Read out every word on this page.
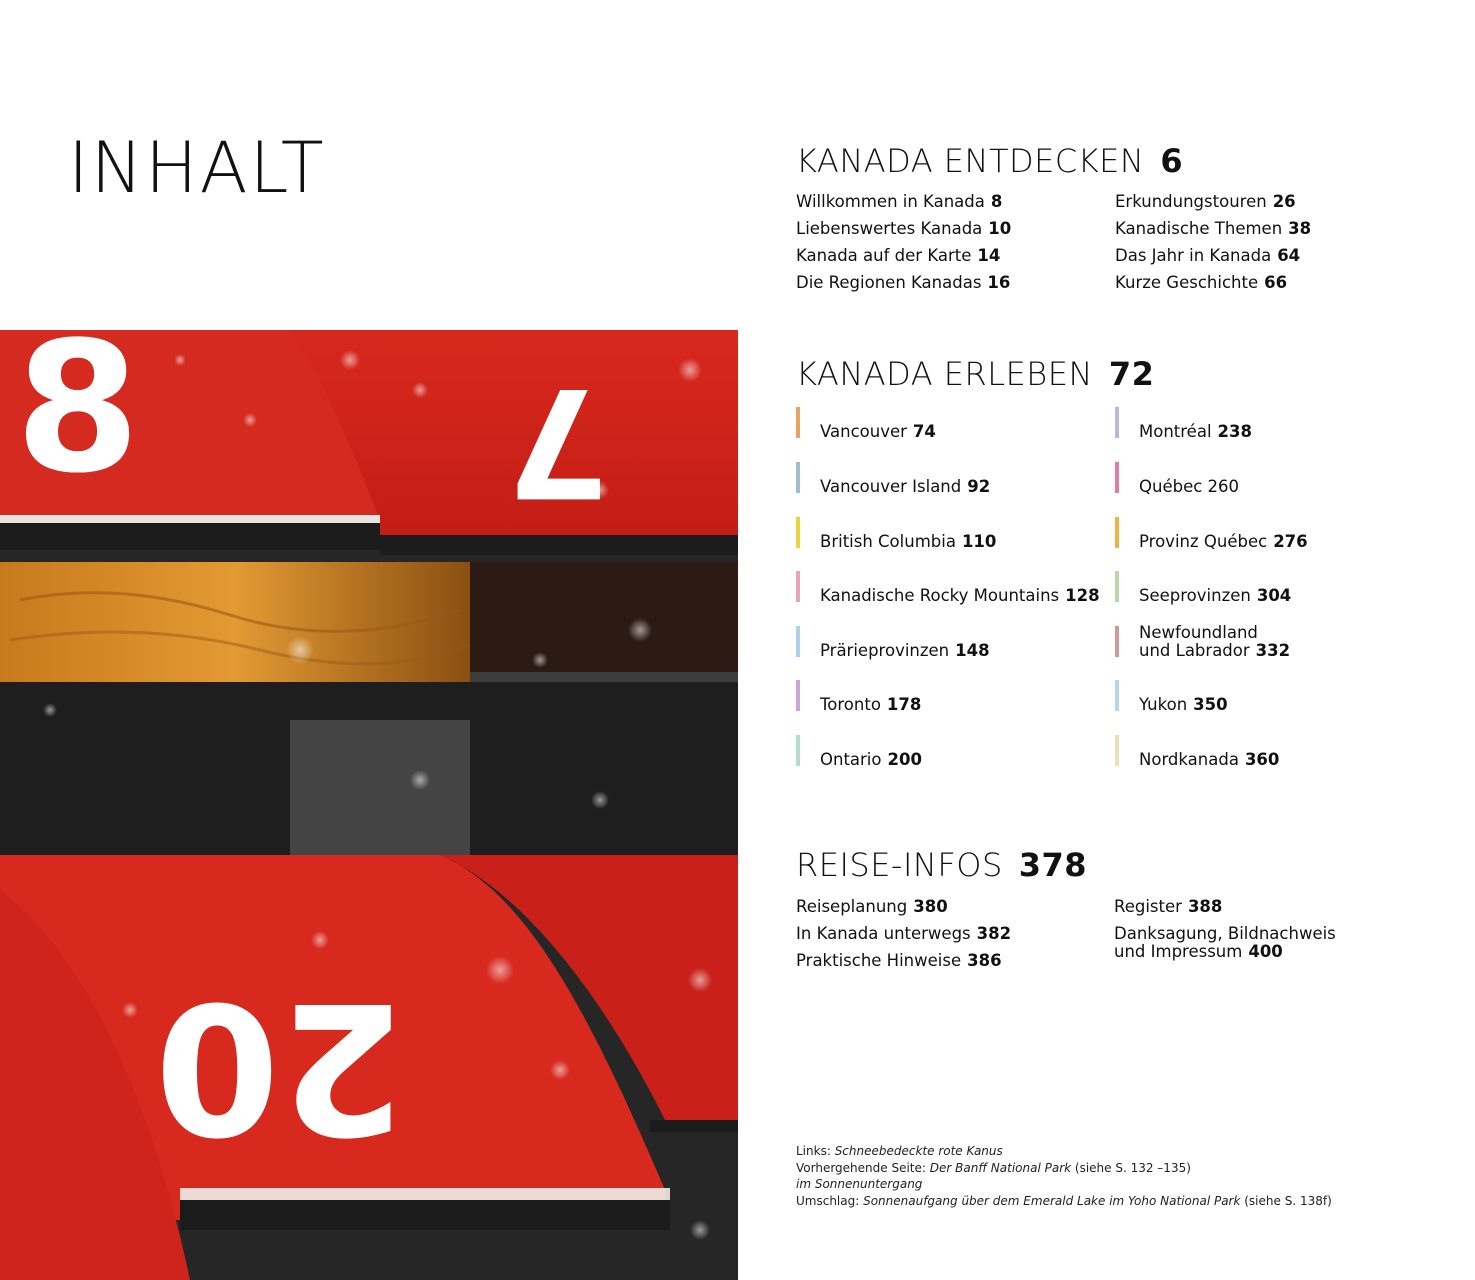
INHALT
8 7
20
KANADA ENTDECKEN 6
Willkommen in Kanada 8
Liebenswertes Kanada 10
Kanada auf der Karte 14
Die Regionen Kanadas 16
Erkundungstouren 26
Kanadische Themen 38
Das Jahr in Kanada 64
Kurze Geschichte 66
KANADA ERLEBEN 72
Vancouver 74
Vancouver Island 92
British Columbia 110
Kanadische Rocky Mountains 128
Prärieprovinzen 148
Toronto 178
Ontario 200
Montréal 238
Québec 260
Provinz Québec 276
Seeprovinzen 304
Newfoundland
und Labrador 332
Yukon 350
Nordkanada 360
REISE-INFOS 378
Reiseplanung 380
In Kanada unterwegs 382
Praktische Hinweise 386
Register 388
Danksagung, Bildnachweis
und Impressum 400
Links: Schneebedeckte rote Kanus
Vorhergehende Seite: Der Banff National Park (siehe S. 132 –135)
im Sonnenuntergang
Umschlag: Sonnenaufgang über dem Emerald Lake im Yoho National Park (siehe S. 138f)
